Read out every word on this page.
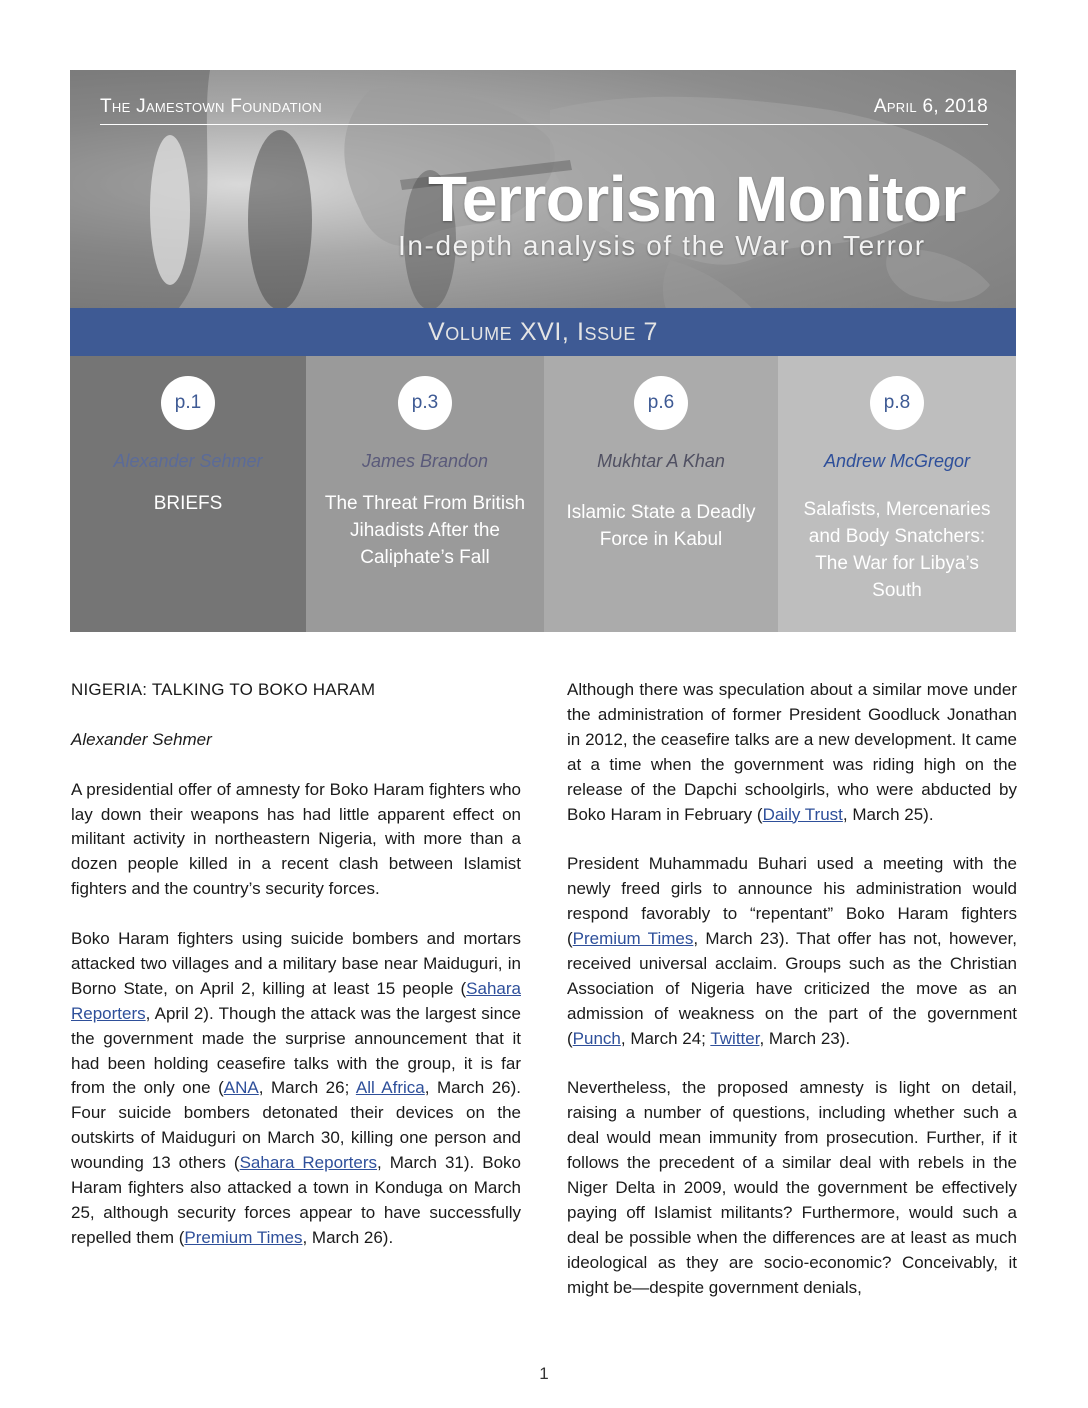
The Jamestown Foundation	April 6, 2018
Terrorism Monitor
In-depth analysis of the War on Terror
Volume XVI, Issue 7
p.1
Alexander Sehmer
BRIEFS
p.3
James Brandon
The Threat From British Jihadists After the Caliphate’s Fall
p.6
Mukhtar A Khan
Islamic State a Deadly Force in Kabul
p.8
Andrew McGregor
Salafists, Mercenaries and Body Snatchers: The War for Libya’s South
NIGERIA: TALKING TO BOKO HARAM
Alexander Sehmer

A presidential offer of amnesty for Boko Haram fighters who lay down their weapons has had little apparent effect on militant activity in northeastern Nigeria, with more than a dozen people killed in a recent clash between Islamist fighters and the country’s security forces.

Boko Haram fighters using suicide bombers and mortars attacked two villages and a military base near Maiduguri, in Borno State, on April 2, killing at least 15 people (Sahara Reporters, April 2). Though the attack was the largest since the government made the surprise announcement that it had been holding ceasefire talks with the group, it is far from the only one (ANA, March 26; All Africa, March 26). Four suicide bombers detonated their devices on the outskirts of Maiduguri on March 30, killing one person and wounding 13 others (Sahara Reporters, March 31). Boko Haram fighters also attacked a town in Konduga on March 25, although security forces appear to have successfully repelled them (Premium Times, March 26).

Although there was speculation about a similar move under the administration of former President Goodluck Jonathan in 2012, the ceasefire talks are a new development. It came at a time when the government was riding high on the release of the Dapchi schoolgirls, who were abducted by Boko Haram in February (Daily Trust, March 25).

President Muhammadu Buhari used a meeting with the newly freed girls to announce his administration would respond favorably to “repentant” Boko Haram fighters (Premium Times, March 23). That offer has not, however, received universal acclaim. Groups such as the Christian Association of Nigeria have criticized the move as an admission of weakness on the part of the government (Punch, March 24; Twitter, March 23).

Nevertheless, the proposed amnesty is light on detail, raising a number of questions, including whether such a deal would mean immunity from prosecution. Further, if it follows the precedent of a similar deal with rebels in the Niger Delta in 2009, would the government be effectively paying off Islamist militants? Furthermore, would such a deal be possible when the differences are at least as much ideological as they are socio-economic? Conceivably, it might be—despite government denials,

1
